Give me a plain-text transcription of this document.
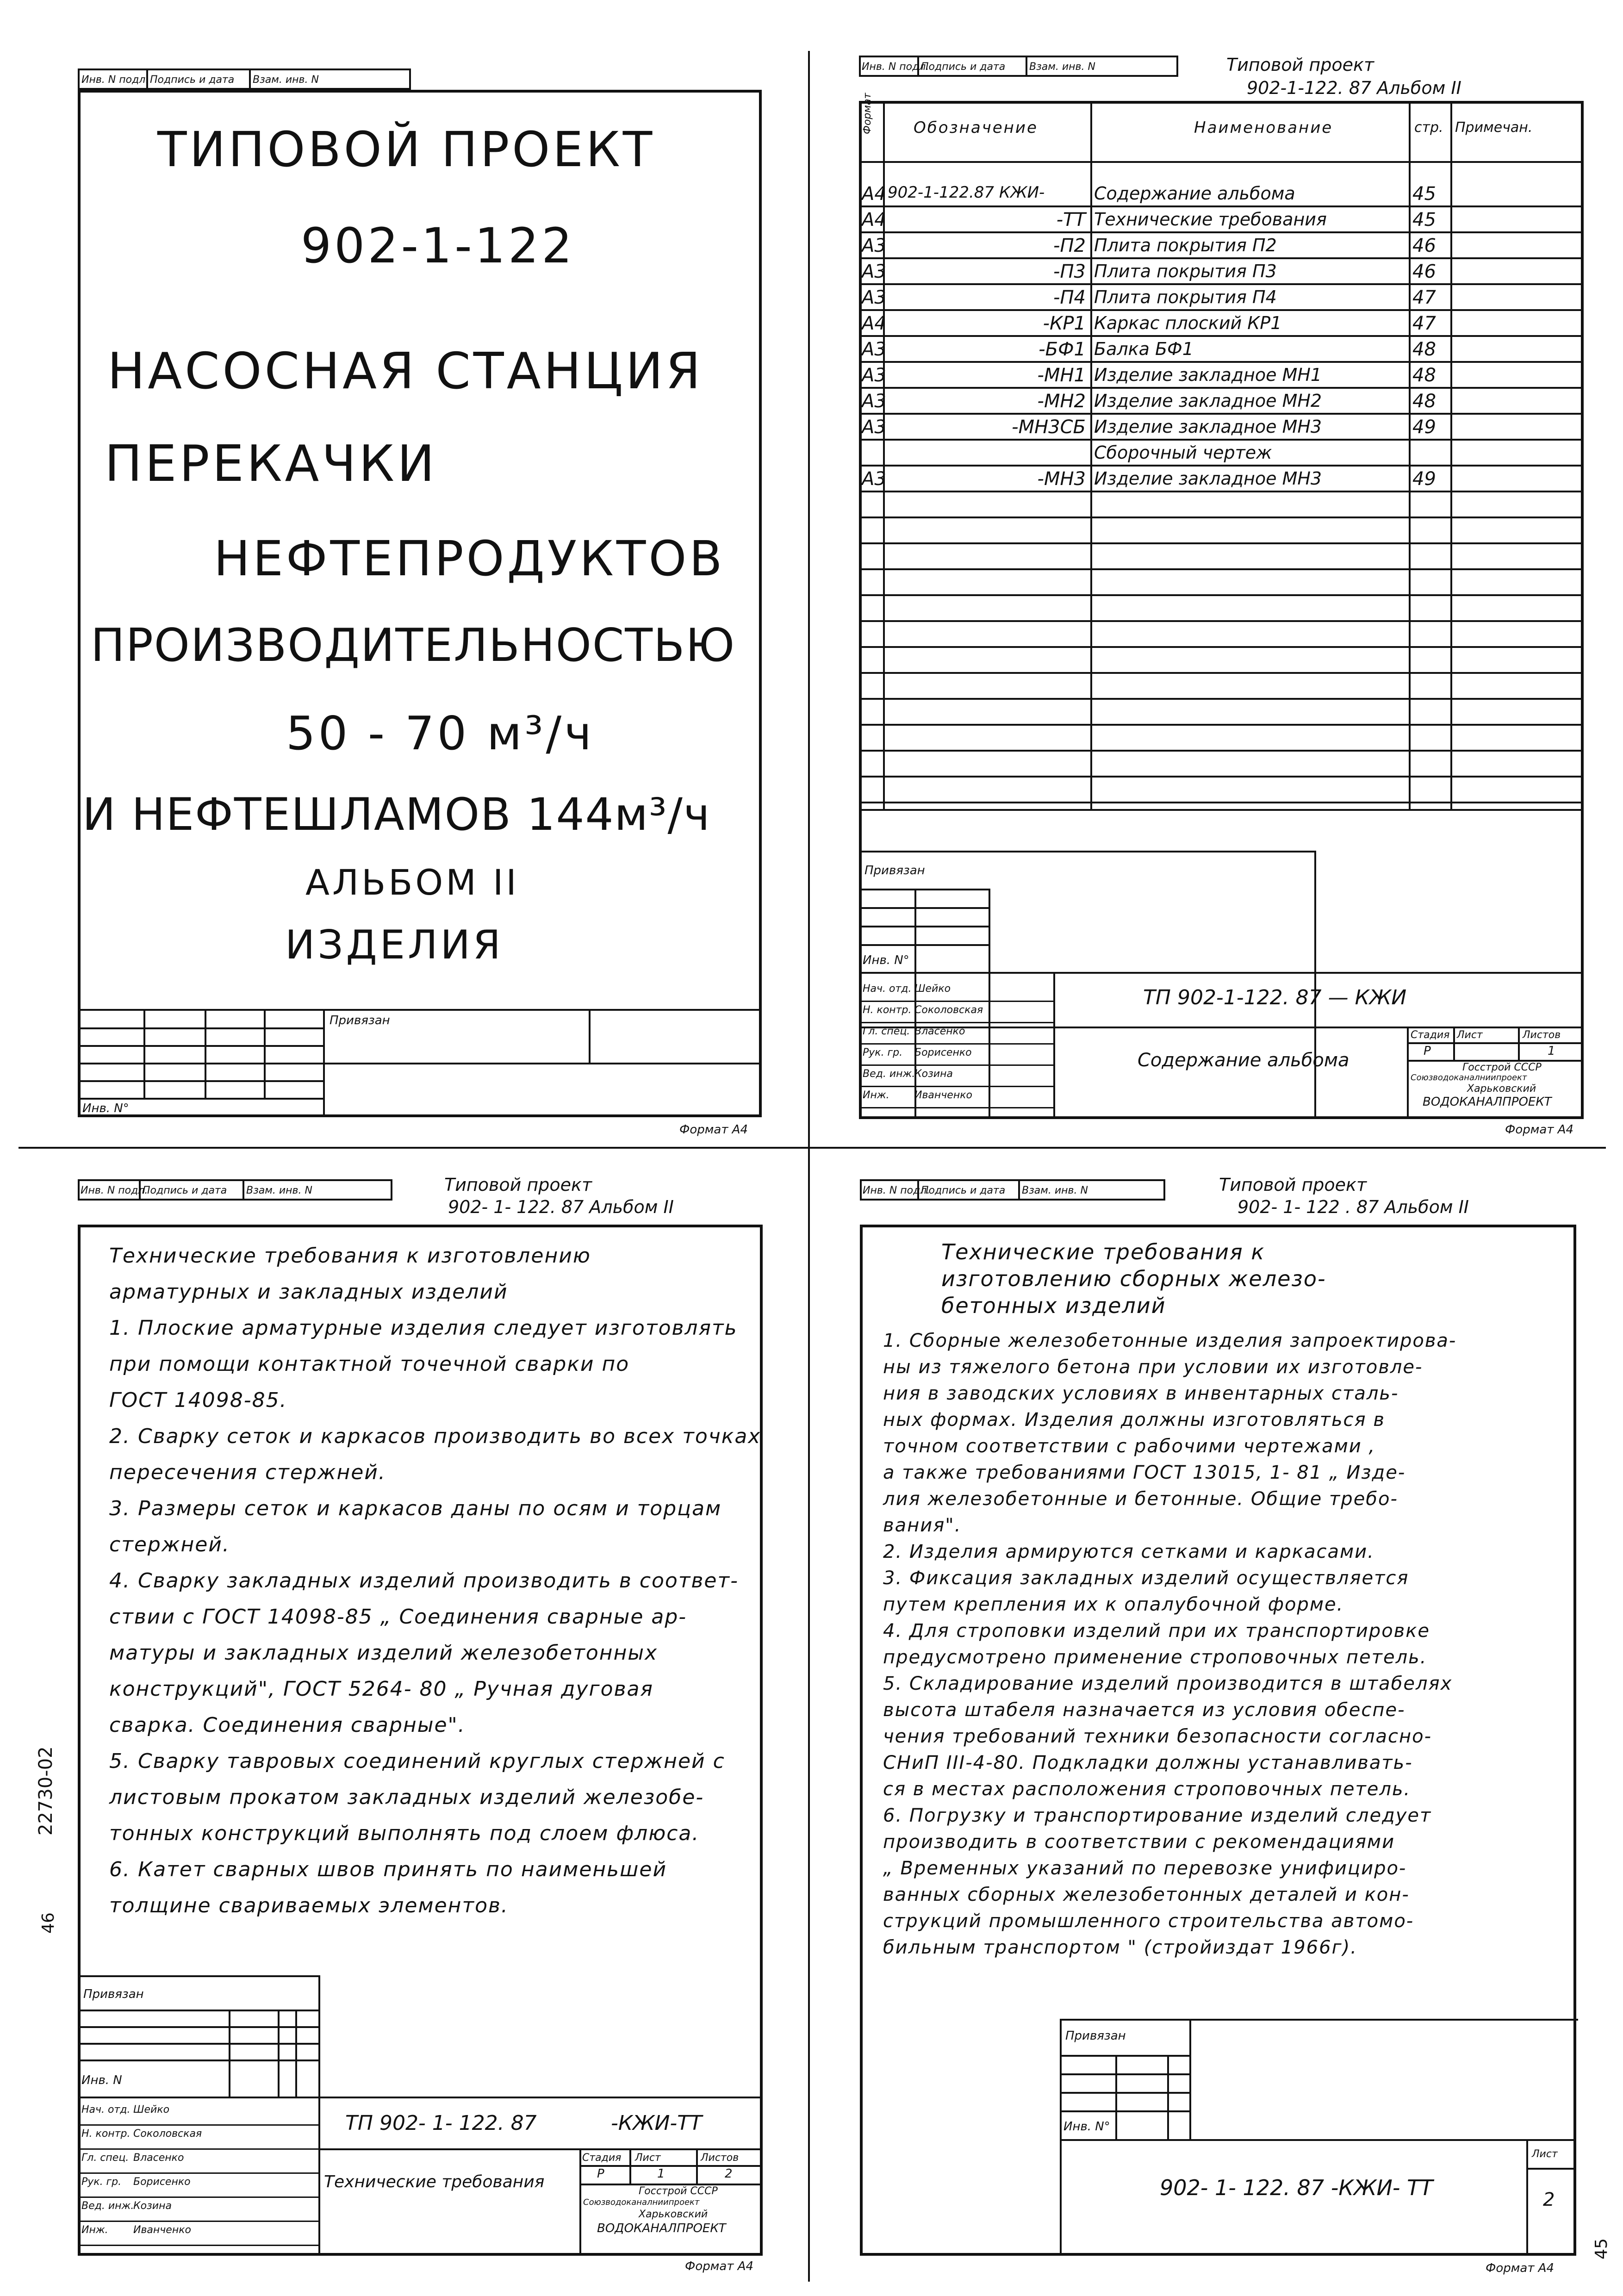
Инв. N подл. Подпись и дата Взам. инв. N
ТИПОВОЙ ПРОЕКТ
902-1-122
НАСОСНАЯ СТАНЦИЯ
ПЕРЕКАЧКИ
НЕФТЕПРОДУКТОВ
ПРОИЗВОДИТЕЛЬНОСТЬЮ
50 - 70 м³/ч
И НЕФТЕШЛАМОВ 144м³/ч
АЛЬБОМ II
ИЗДЕЛИЯ
Привязан
Инв. N°
Формат А4
Инв. N подл.
Подпись и дата Взам. инв. N	Типовой проект
902-1-122. 87 Альбом II
Формат	Обозначение	Наименование	стр. Примечан.
А4 902-1-122.87 КЖИ-	Содержание альбома	45
А4	-ТТ Технические требования	45
А3	-П2 Плита покрытия П2	46
А3	-П3 Плита покрытия П3	46
А3	-П4 Плита покрытия П4	47
А4	-КР1 Каркас плоский КР1	47
А3	-БФ1 Балка БФ1	48
А3	-МН1 Изделие закладное МН1	48
А3	-МН2 Изделие закладное МН2	48
А3	-МН3СБ Изделие закладное МН3	49
Сборочный чертеж
А3	-МН3 Изделие закладное МН3	49
Привязан
Инв. N°
ТП 902-1-122. 87 — КЖИ
Нач. отд. Шейко
Н. контр. Соколовская
Гл. спец. Власенко
Рук. гр. Борисенко
Вед. инж.
Козина
Инж. Иванченко
Содержание альбома
Стадия Лист	Листов
Р	1
Госстрой СССР
Союзводоканалниипроект
Харьковский
ВОДОКАНАЛПРОЕКТ
Формат А4
Инв. N подл.
Подпись и дата Взам. инв. N	Типовой проект
902- 1- 122. 87 Альбом II
Технические требования к изготовлению
арматурных и закладных изделий
1. Плоские арматурные изделия следует изготовлять
при помощи контактной точечной сварки по
ГОСТ 14098-85.
2. Сварку сеток и каркасов производить во всех точках
пересечения стержней.
3. Размеры сеток и каркасов даны по осям и торцам
стержней.
4. Сварку закладных изделий производить в соответ-
ствии с ГОСТ 14098-85 „ Соединения сварные ар-
матуры и закладных изделий железобетонных
конструкций", ГОСТ 5264- 80 „ Ручная дуговая
сварка. Соединения сварные".
5. Сварку тавровых соединений круглых стержней с
листовым прокатом закладных изделий железобе-
тонных конструкций выполнять под слоем флюса.
6. Катет сварных швов принять по наименьшей
толщине свариваемых элементов.
Привязан
Инв. N
ТП 902- 1- 122. 87	-КЖИ-ТТ
Нач. отд. Шейко
Н. контр. Соколовская
Гл. спец. Власенко
Рук. гр. Борисенко
Вед. инж.
Козина
Инж. Иванченко
Технические требования
Стадия Лист	Листов
Р	1	2
Госстрой СССР
Союзводоканалниипроект
Харьковский
ВОДОКАНАЛПРОЕКТ
Формат А4
22730-02
46
Инв. N подл.
Подпись и дата Взам. инв. N	Типовой проект
902- 1- 122 . 87 Альбом II
Технические требования к
изготовлению сборных железо-
бетонных изделий
1. Сборные железобетонные изделия запроектирова-
ны из тяжелого бетона при условии их изготовле-
ния в заводских условиях в инвентарных сталь-
ных формах. Изделия должны изготовляться в
точном соответствии с рабочими чертежами ,
а также требованиями ГОСТ 13015, 1- 81 „ Изде-
лия железобетонные и бетонные. Общие требо-
вания".
2. Изделия армируются сетками и каркасами.
3. Фиксация закладных изделий осуществляется
путем крепления их к опалубочной форме.
4. Для строповки изделий при их транспортировке
предусмотрено применение строповочных петель.
5. Складирование изделий производится в штабелях
высота штабеля назначается из условия обеспе-
чения требований техники безопасности согласно-
СНиП III-4-80. Подкладки должны устанавливать-
ся в местах расположения строповочных петель.
6. Погрузку и транспортирование изделий следует
производить в соответствии с рекомендациями
„ Временных указаний по перевозке унифициро-
ванных сборных железобетонных деталей и кон-
струкций промышленного строительства автомо-
бильным транспортом " (стройиздат 1966г).
Привязан
Инв. N°
902- 1- 122. 87 -КЖИ- ТТ
Лист
2
Формат А4
45
